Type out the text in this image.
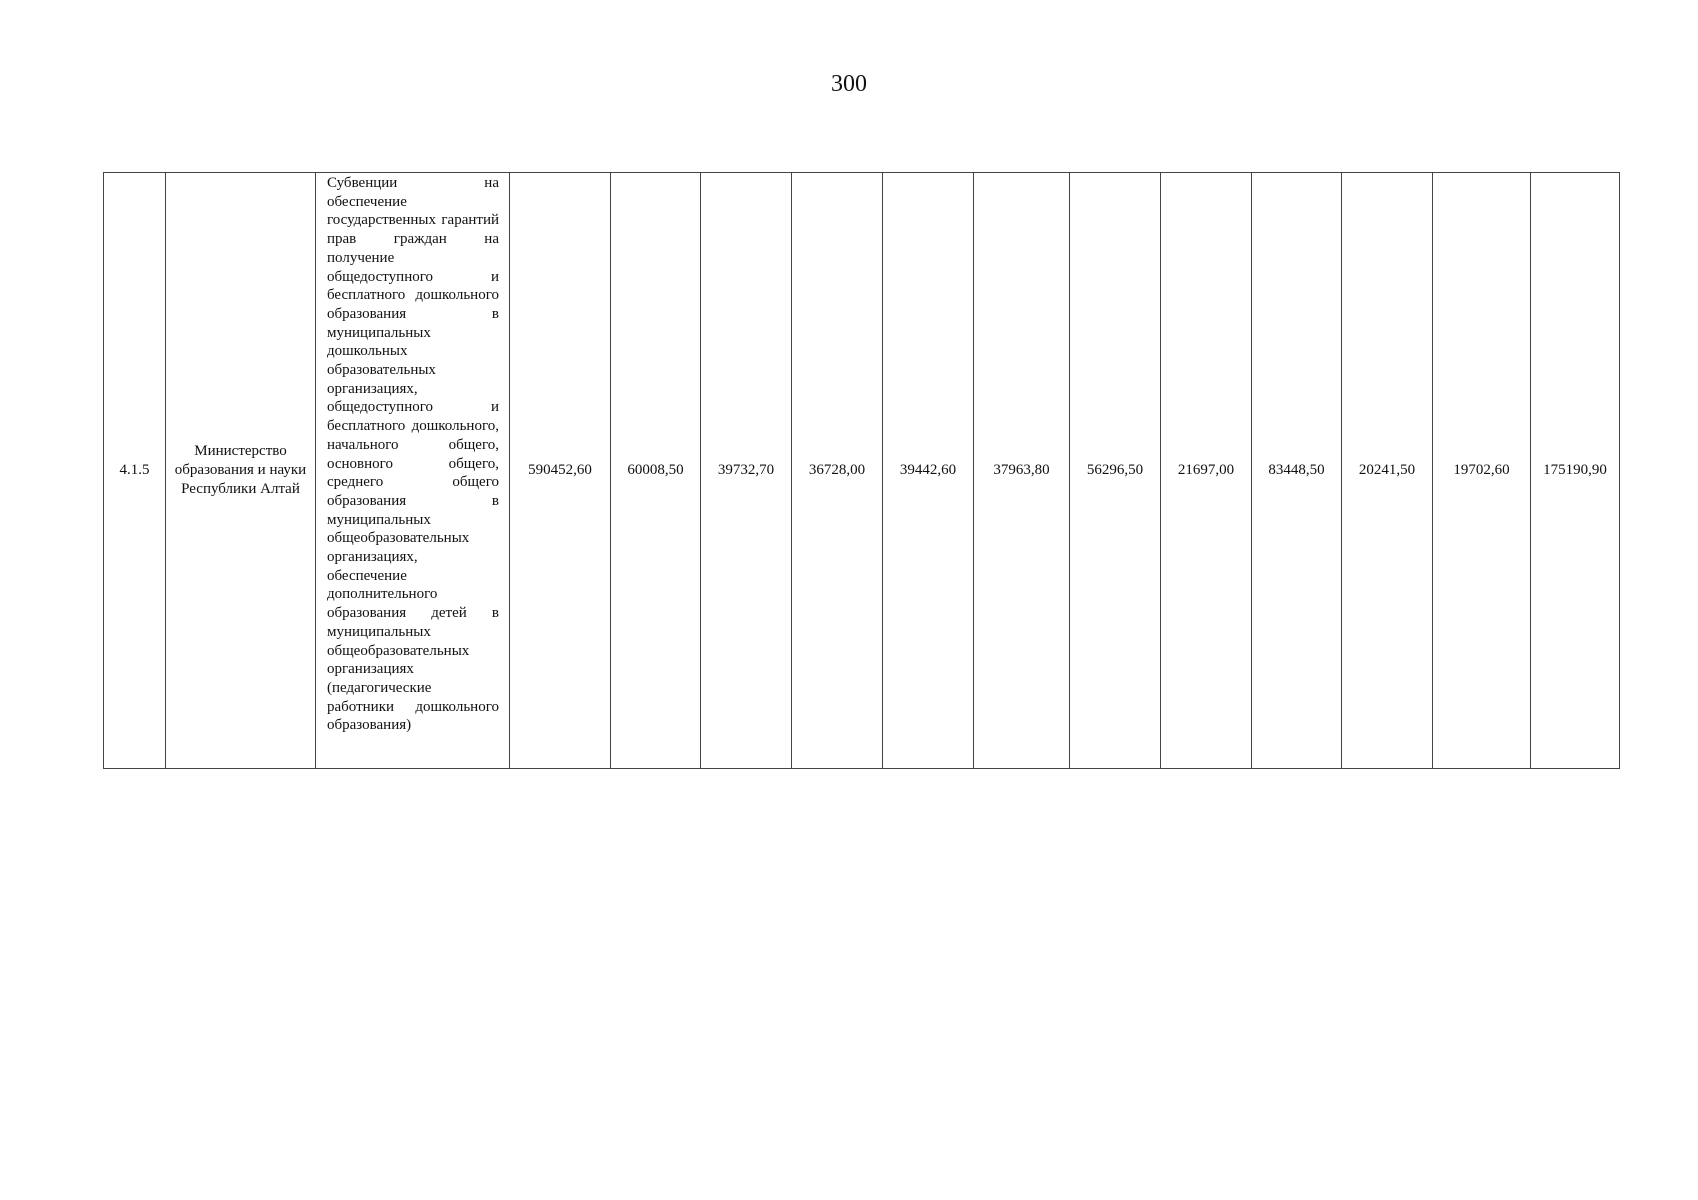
300
4.1.5	Министерство образования и науки Республики Алтай	Субвенции на обеспечение государственных гарантий прав граждан на получение общедоступного и бесплатного дошкольного образования в муниципальных дошкольных образовательных организациях, общедоступного и бесплатного дошкольного, начального общего, основного общего, среднего общего образования в муниципальных общеобразовательных организациях, обеспечение дополнительного образования детей в муниципальных общеобразовательных организациях (педагогические работники дошкольного образования)	590452,60	60008,50	39732,70	36728,00	39442,60	37963,80	56296,50	21697,00	83448,50	20241,50	19702,60	175190,90
